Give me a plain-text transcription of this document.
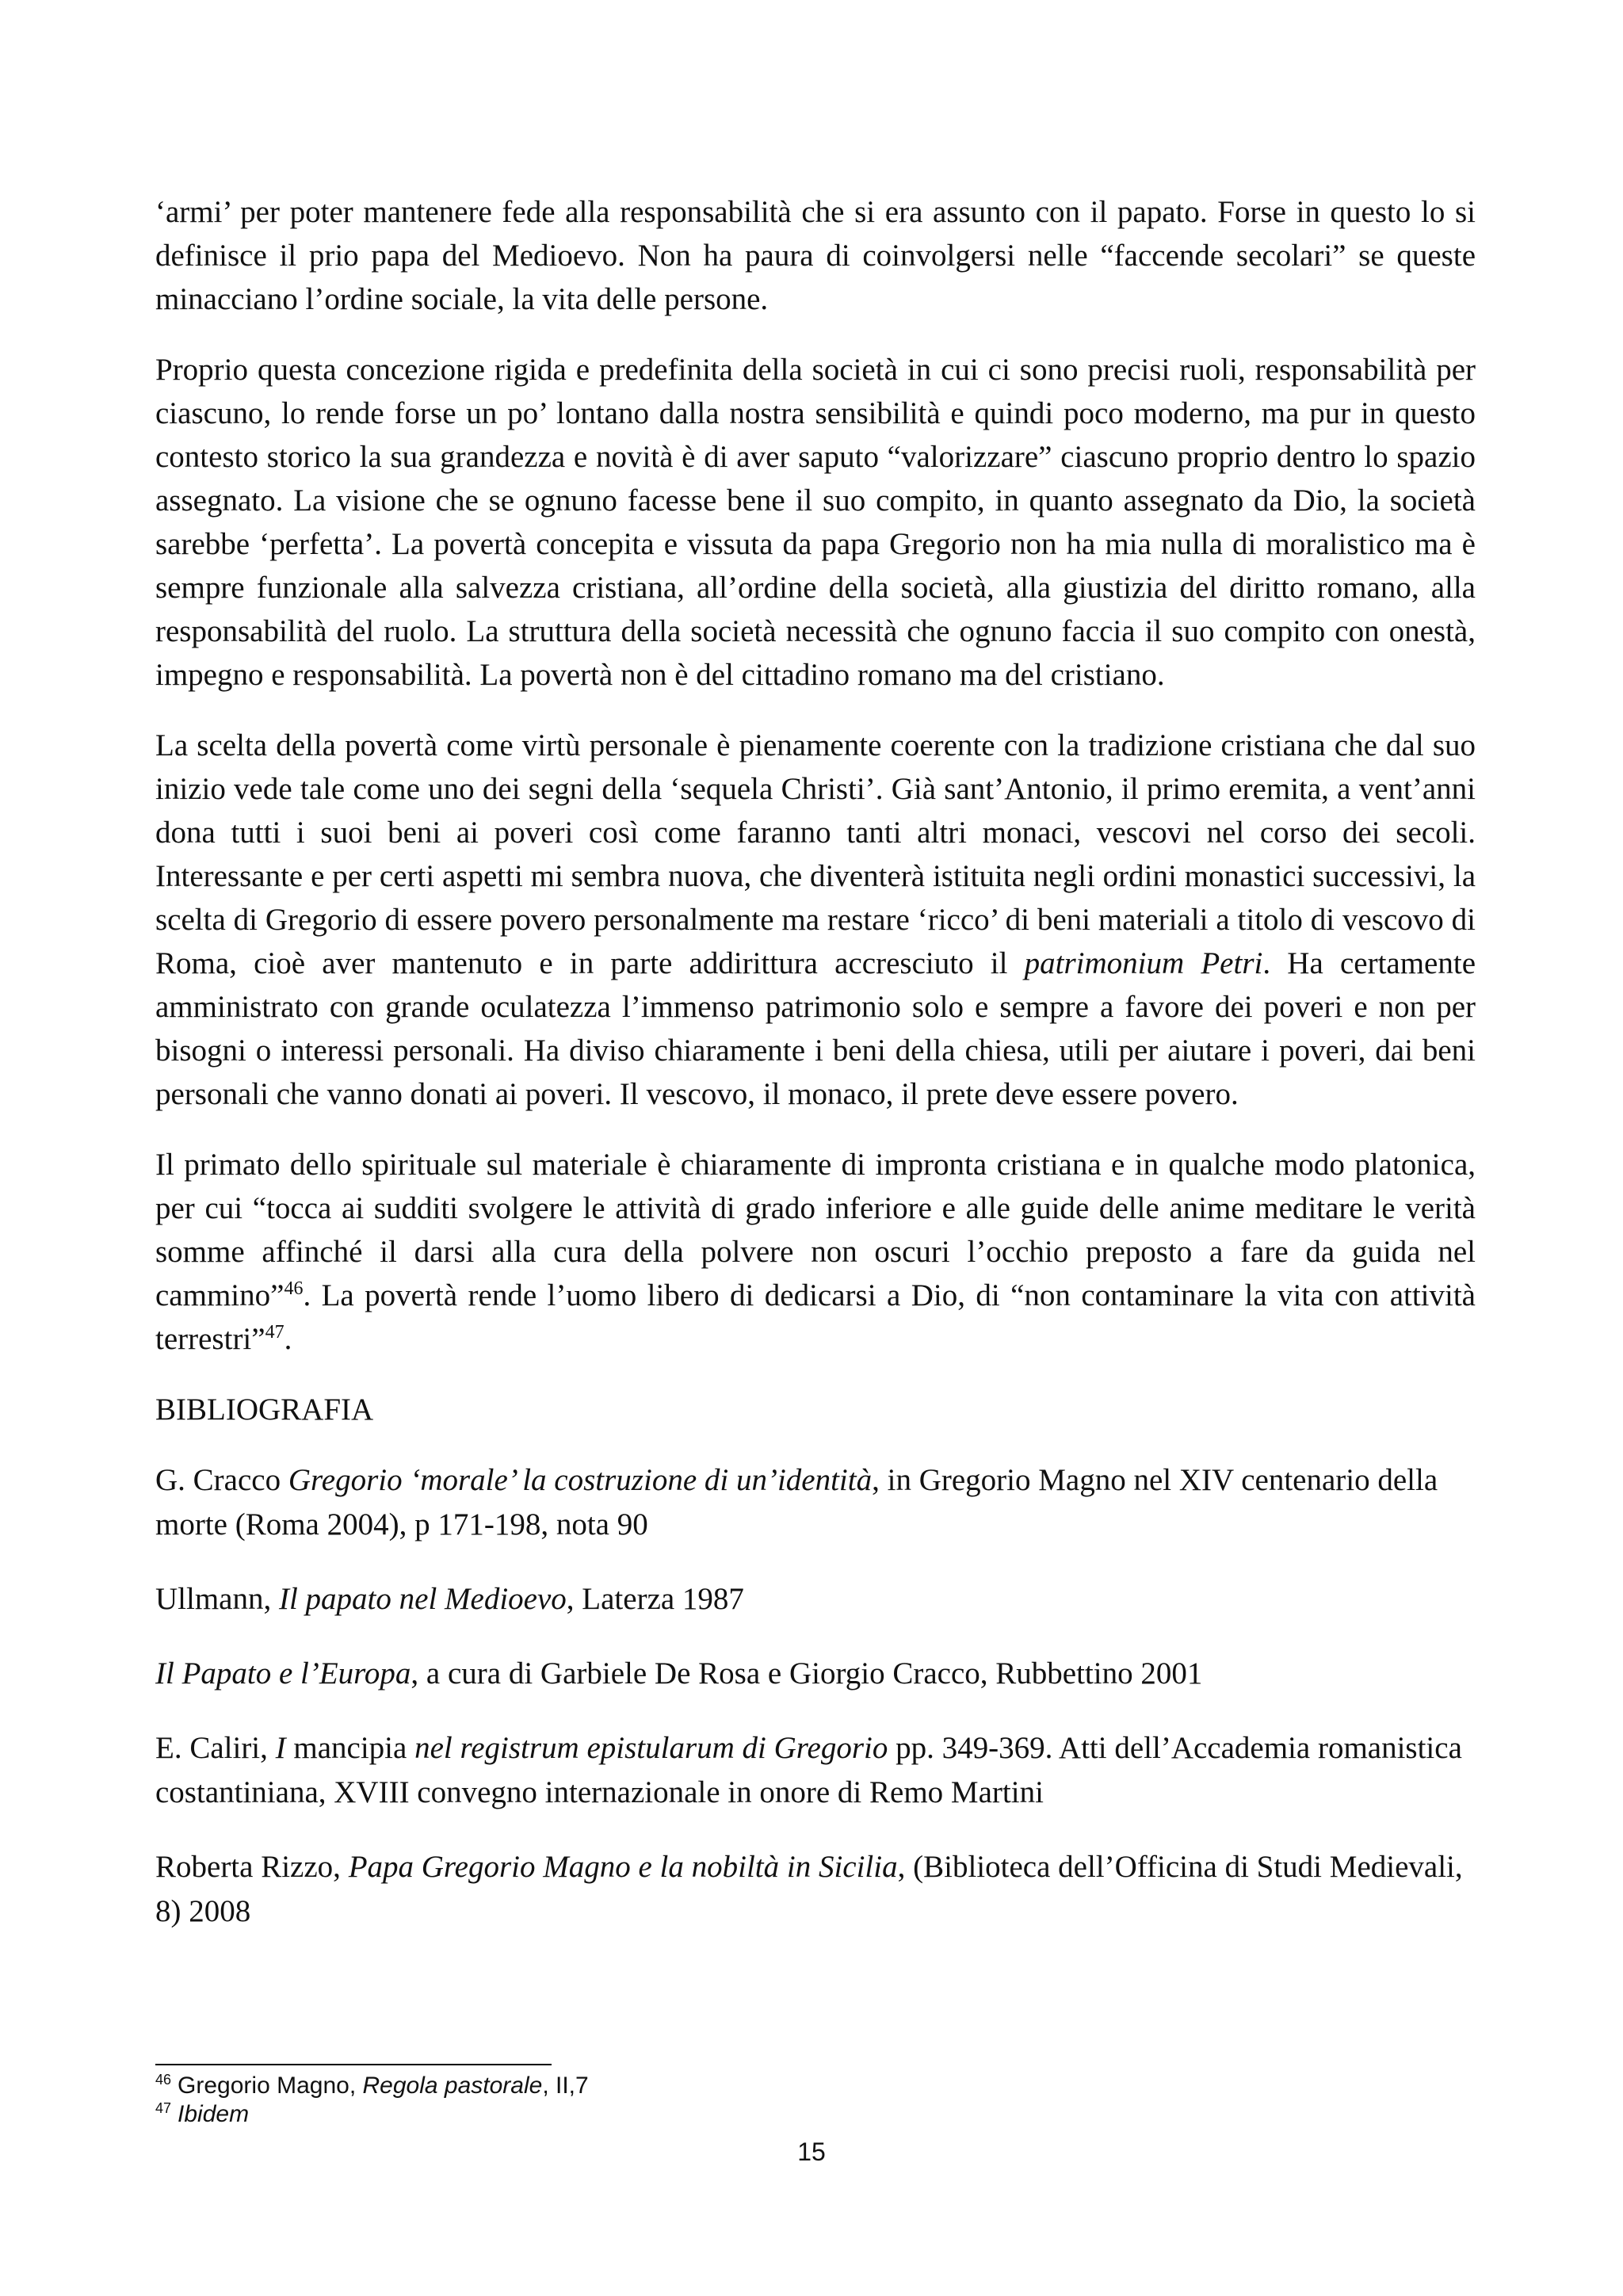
‘armi’ per poter mantenere fede alla responsabilità che si era assunto con il papato. Forse in questo lo si definisce il prio papa del Medioevo. Non ha paura di coinvolgersi nelle “faccende secolari” se queste minacciano l’ordine sociale, la vita delle persone.

Proprio questa concezione rigida e predefinita della società in cui ci sono precisi ruoli, responsabilità per ciascuno, lo rende forse un po’ lontano dalla nostra sensibilità e quindi poco moderno, ma pur in questo contesto storico la sua grandezza e novità è di aver saputo “valorizzare” ciascuno proprio dentro lo spazio assegnato. La visione che se ognuno facesse bene il suo compito, in quanto assegnato da Dio, la società sarebbe ‘perfetta’. La povertà concepita e vissuta da papa Gregorio non ha mia nulla di moralistico ma è sempre funzionale alla salvezza cristiana, all’ordine della società, alla giustizia del diritto romano, alla responsabilità del ruolo. La struttura della società necessità che ognuno faccia il suo compito con onestà, impegno e responsabilità. La povertà non è del cittadino romano ma del cristiano.

La scelta della povertà come virtù personale è pienamente coerente con la tradizione cristiana che dal suo inizio vede tale come uno dei segni della ‘sequela Christi’. Già sant’Antonio, il primo eremita, a vent’anni dona tutti i suoi beni ai poveri così come faranno tanti altri monaci, vescovi nel corso dei secoli. Interessante e per certi aspetti mi sembra nuova, che diventerà istituita negli ordini monastici successivi, la scelta di Gregorio di essere povero personalmente ma restare ‘ricco’ di beni materiali a titolo di vescovo di Roma, cioè aver mantenuto e in parte addirittura accresciuto il patrimonium Petri. Ha certamente amministrato con grande oculatezza l’immenso patrimonio solo e sempre a favore dei poveri e non per bisogni o interessi personali. Ha diviso chiaramente i beni della chiesa, utili per aiutare i poveri, dai beni personali che vanno donati ai poveri. Il vescovo, il monaco, il prete deve essere povero.

Il primato dello spirituale sul materiale è chiaramente di impronta cristiana e in qualche modo platonica, per cui “tocca ai sudditi svolgere le attività di grado inferiore e alle guide delle anime meditare le verità somme affinché il darsi alla cura della polvere non oscuri l’occhio preposto a fare da guida nel cammino”$^{46}$. La povertà rende l’uomo libero di dedicarsi a Dio, di “non contaminare la vita con attività terrestri”$^{47}$.

BIBLIOGRAFIA

G. Cracco Gregorio ‘morale’ la costruzione di un’identità, in Gregorio Magno nel XIV centenario della morte (Roma 2004), p 171-198, nota 90

Ullmann, Il papato nel Medioevo, Laterza 1987

Il Papato e l’Europa, a cura di Garbiele De Rosa e Giorgio Cracco, Rubbettino 2001

E. Caliri, I mancipia nel registrum epistularum di Gregorio pp. 349-369. Atti dell’Accademia romanistica costantiniana, XVIII convegno internazionale in onore di Remo Martini

Roberta Rizzo, Papa Gregorio Magno e la nobiltà in Sicilia, (Biblioteca dell’Officina di Studi Medievali, 8) 2008

$^{46}$ Gregorio Magno, Regola pastorale, II,7
$^{47}$ Ibidem
15
